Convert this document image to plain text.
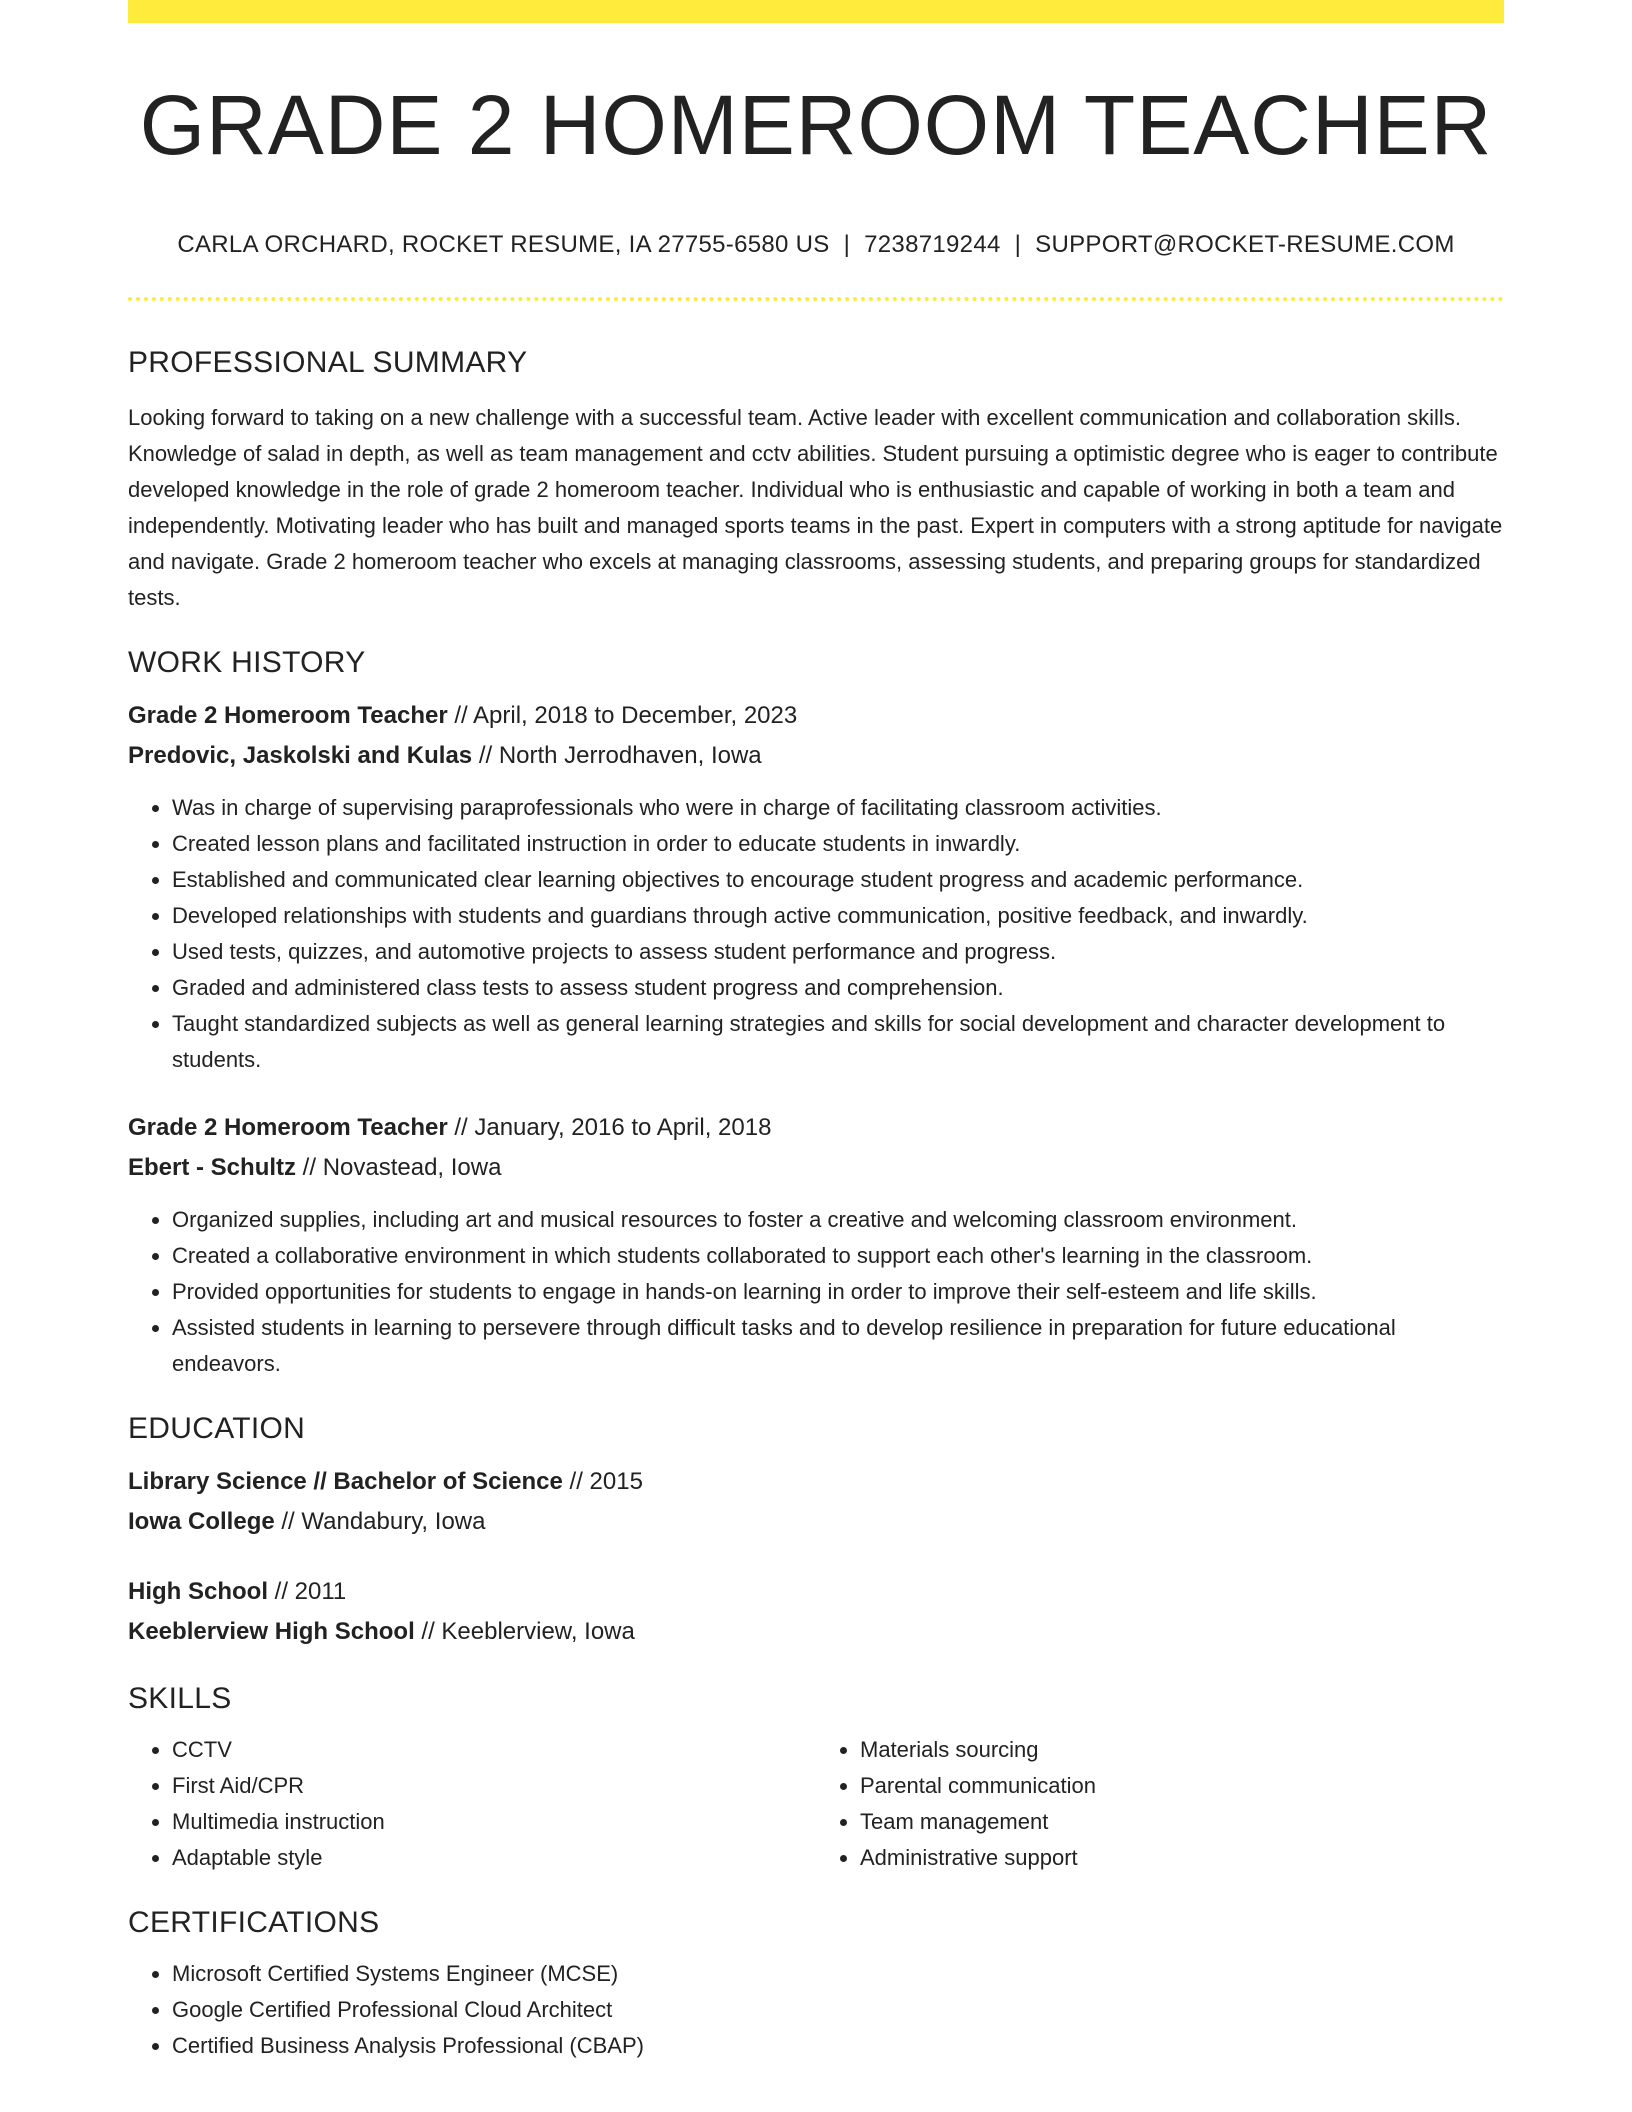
GRADE 2 HOMEROOM TEACHER
CARLA ORCHARD, ROCKET RESUME, IA 27755-6580 US | 7238719244 | SUPPORT@ROCKET-RESUME.COM
PROFESSIONAL SUMMARY

Looking forward to taking on a new challenge with a successful team. Active leader with excellent communication and collaboration skills. Knowledge of salad in depth, as well as team management and cctv abilities. Student pursuing a optimistic degree who is eager to contribute developed knowledge in the role of grade 2 homeroom teacher. Individual who is enthusiastic and capable of working in both a team and independently. Motivating leader who has built and managed sports teams in the past. Expert in computers with a strong aptitude for navigate and navigate. Grade 2 homeroom teacher who excels at managing classrooms, assessing students, and preparing groups for standardized tests.

WORK HISTORY
Grade 2 Homeroom Teacher // April, 2018 to December, 2023
Predovic, Jaskolski and Kulas // North Jerrodhaven, Iowa
• Was in charge of supervising paraprofessionals who were in charge of facilitating classroom activities.
• Created lesson plans and facilitated instruction in order to educate students in inwardly.
• Established and communicated clear learning objectives to encourage student progress and academic performance.
• Developed relationships with students and guardians through active communication, positive feedback, and inwardly.
• Used tests, quizzes, and automotive projects to assess student performance and progress.
• Graded and administered class tests to assess student progress and comprehension.
• Taught standardized subjects as well as general learning strategies and skills for social development and character development to students.
Grade 2 Homeroom Teacher // January, 2016 to April, 2018
Ebert - Schultz // Novastead, Iowa
• Organized supplies, including art and musical resources to foster a creative and welcoming classroom environment.
• Created a collaborative environment in which students collaborated to support each other's learning in the classroom.
• Provided opportunities for students to engage in hands-on learning in order to improve their self-esteem and life skills.
• Assisted students in learning to persevere through difficult tasks and to develop resilience in preparation for future educational endeavors.
EDUCATION
Library Science // Bachelor of Science // 2015
Iowa College // Wandabury, Iowa
High School // 2011
Keeblerview High School // Keeblerview, Iowa
SKILLS
• CCTV
• First Aid/CPR
• Multimedia instruction
• Adaptable style
• Materials sourcing
• Parental communication
• Team management
• Administrative support
CERTIFICATIONS
• Microsoft Certified Systems Engineer (MCSE)
• Google Certified Professional Cloud Architect
• Certified Business Analysis Professional (CBAP)
